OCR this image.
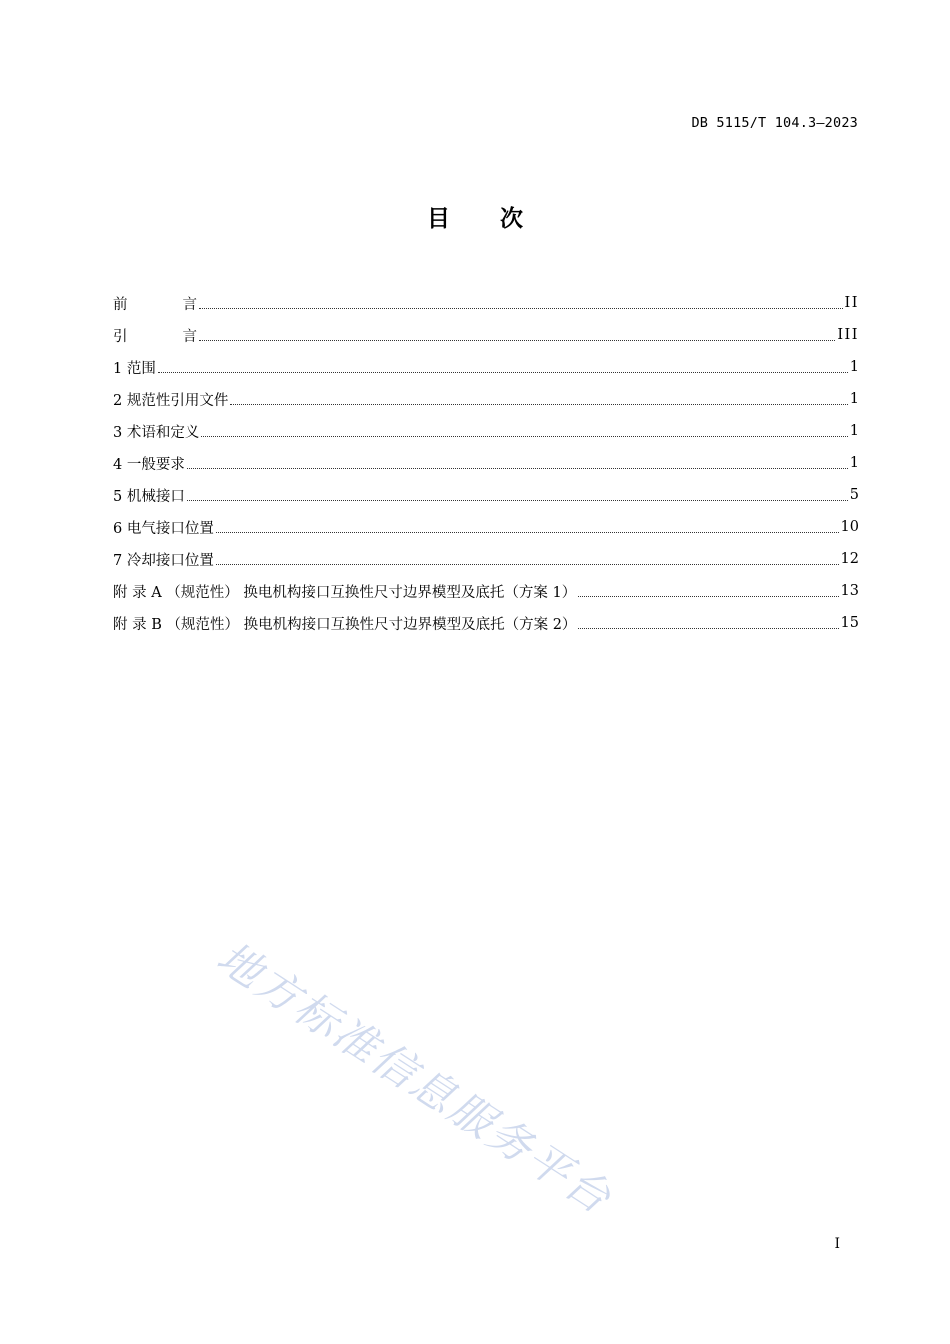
DB 5115/T 104.3—2023
目 次
前	言	II
引	言	III
1 范围	1
2 规范性引用文件	1
3 术语和定义	1
4 一般要求	1
5 机械接口	5
6 电气接口位置	10
7 冷却接口位置	12
附 录 A （规范性） 换电机构接口互换性尺寸边界模型及底托（方案 1）	13
附 录 B （规范性） 换电机构接口互换性尺寸边界模型及底托（方案 2）	15
地方标准信息服务平台
I
